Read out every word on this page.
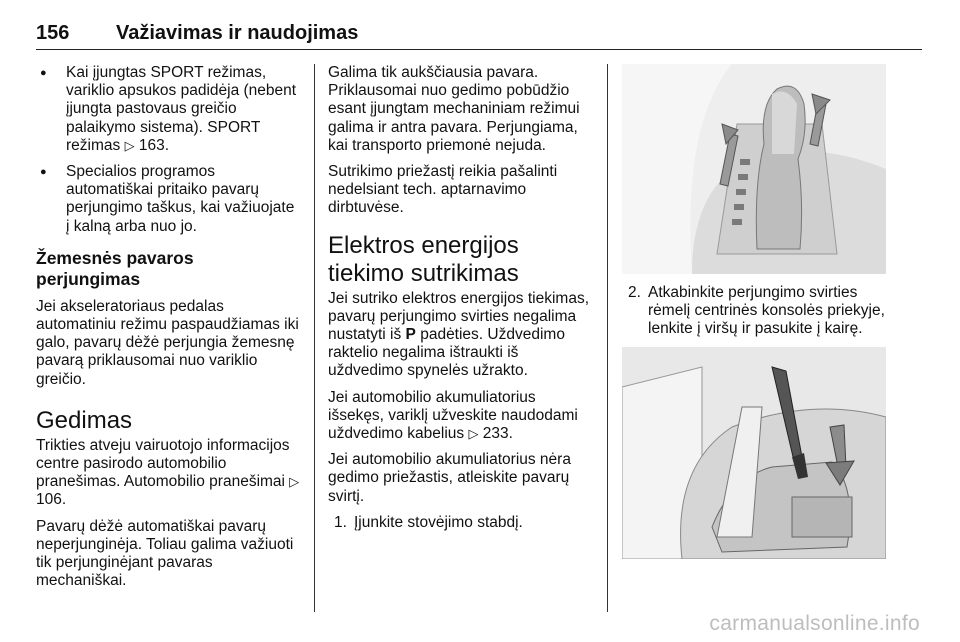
156	Važiavimas ir naudojimas
● Kai įjungtas SPORT režimas, variklio apsukos padidėja (nebent įjungta pastovaus greičio palaikymo sistema). SPORT režimas ▷ 163.
● Specialios programos automatiškai pritaiko pavarų perjungimo taškus, kai važiuojate į kalną arba nuo jo.
Žemesnės pavaros perjungimas

Jei akseleratoriaus pedalas automatiniu režimu paspaudžiamas iki galo, pavarų dėžė perjungia žemesnę pavarą priklausomai nuo variklio greičio.

Gedimas

Trikties atveju vairuotojo informacijos centre pasirodo automobilio pranešimas. Automobilio pranešimai ▷ 106.

Pavarų dėžė automatiškai pavarų neperjunginėja. Toliau galima važiuoti tik perjunginėjant pavaras mechaniškai.

Galima tik aukščiausia pavara. Priklausomai nuo gedimo pobūdžio esant įjungtam mechaniniam režimui galima ir antra pavara. Perjungiama, kai transporto priemonė nejuda.

Sutrikimo priežastį reikia pašalinti nedelsiant tech. aptarnavimo dirbtuvėse.

Elektros energijos tiekimo sutrikimas

Jei sutriko elektros energijos tiekimas, pavarų perjungimo svirties negalima nustatyti iš P padėties. Uždvedimo raktelio negalima ištraukti iš uždvedimo spynelės užrakto.

Jei automobilio akumuliatorius išsekęs, variklį užveskite naudodami uždvedimo kabelius ▷ 233.

Jei automobilio akumuliatorius nėra gedimo priežastis, atleiskite pavarų svirtį.

1. Įjunkite stovėjimo stabdį.
2. Atkabinkite perjungimo svirties rėmelį centrinės konsolės priekyje, lenkite į viršų ir pasukite į kairę.
carmanualsonline.info
